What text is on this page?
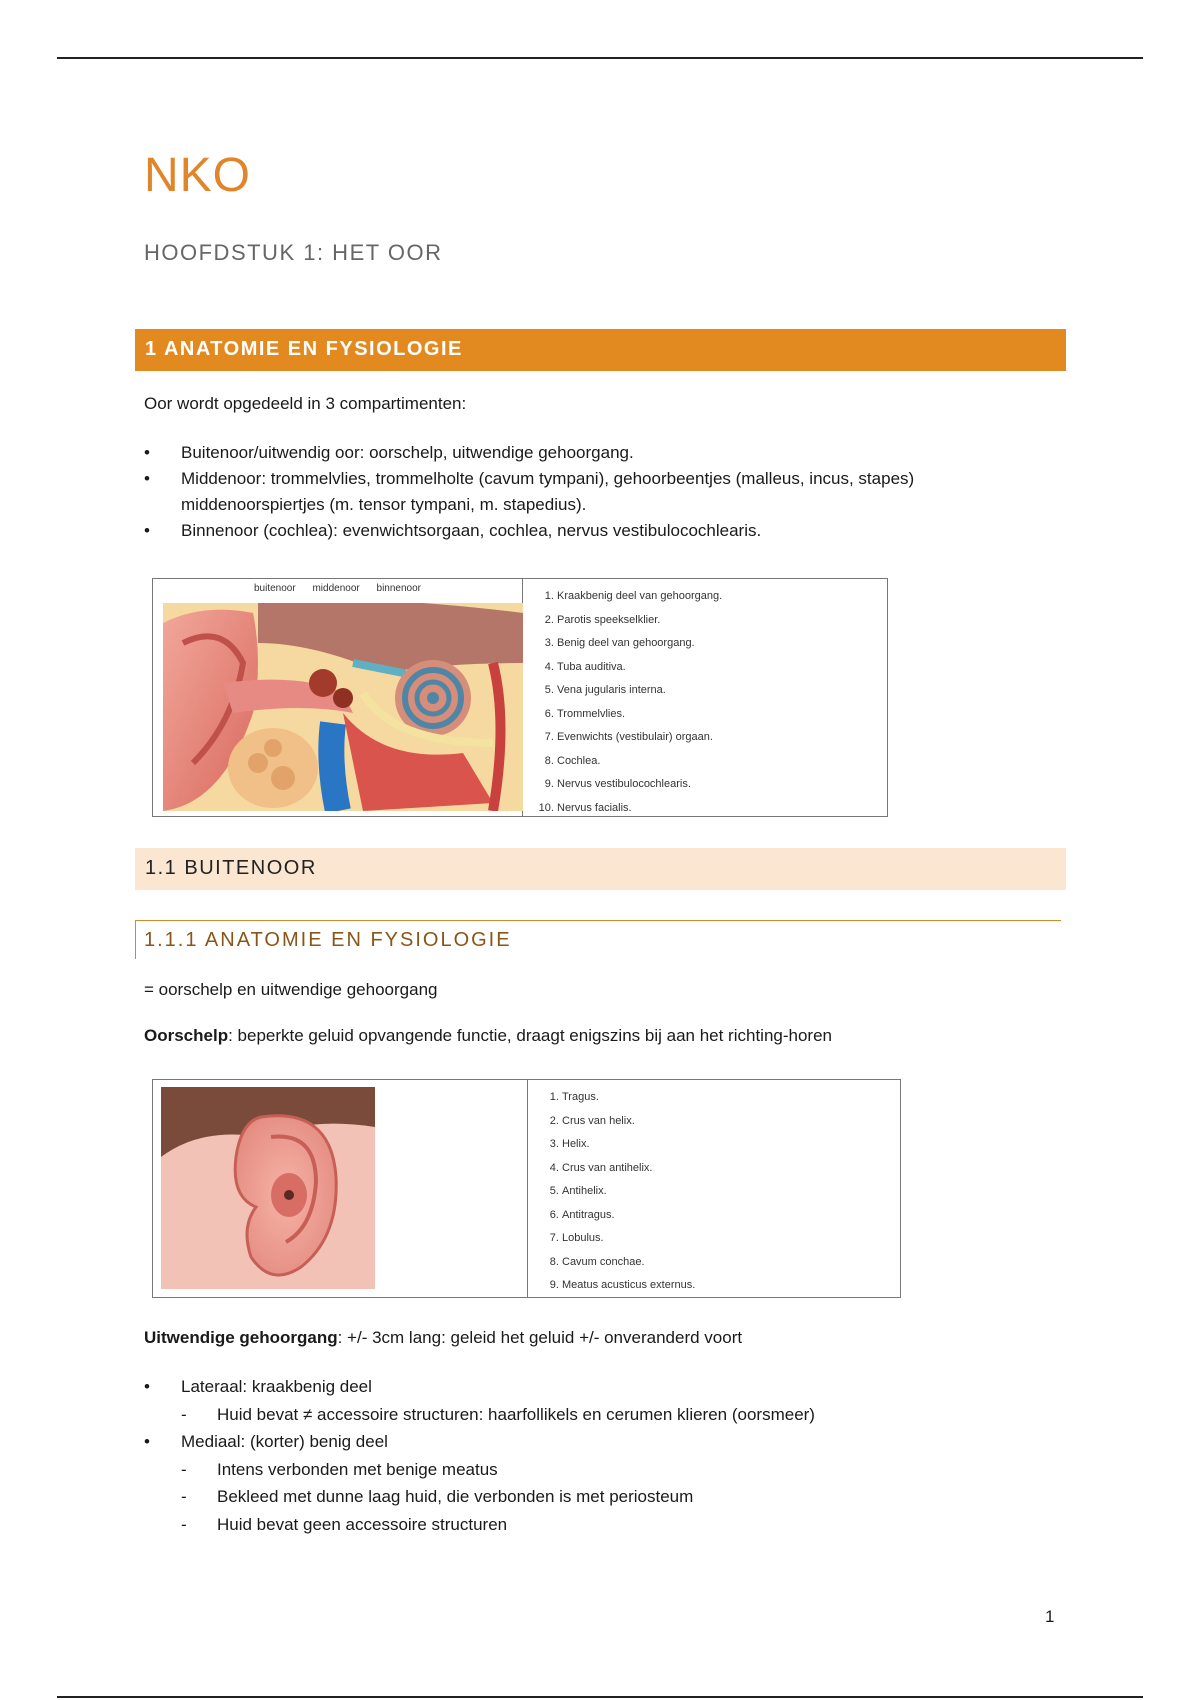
NKO
HOOFDSTUK 1: HET OOR
1 ANATOMIE EN FYSIOLOGIE
Oor wordt opgedeeld in 3 compartimenten:
• Buitenoor/uitwendig oor: oorschelp, uitwendige gehoorgang.
• Middenoor: trommelvlies, trommelholte (cavum tympani), gehoorbeentjes (malleus, incus, stapes) middenoorspiertjes (m. tensor tympani, m. stapedius).
• Binnenoor (cochlea): evenwichtsorgaan, cochlea, nervus vestibulocochlearis.
buitenoor middenoor binnenoor
1. Kraakbenig deel van gehoorgang.
2. Parotis speekselklier.
3. Benig deel van gehoorgang.
4. Tuba auditiva.
5. Vena jugularis interna.
6. Trommelvlies.
7. Evenwichts (vestibulair) orgaan.
8. Cochlea.
9. Nervus vestibulocochlearis.
10. Nervus facialis.
1.1 BUITENOOR
1.1.1 ANATOMIE EN FYSIOLOGIE
= oorschelp en uitwendige gehoorgang
Oorschelp: beperkte geluid opvangende functie, draagt enigszins bij aan het richting-horen
1. Tragus.
2. Crus van helix.
3. Helix.
4. Crus van antihelix.
5. Antihelix.
6. Antitragus.
7. Lobulus.
8. Cavum conchae.
9. Meatus acusticus externus.
Uitwendige gehoorgang: +/- 3cm lang: geleid het geluid +/- onveranderd voort
• Lateraal: kraakbenig deel
- Huid bevat ≠ accessoire structuren: haarfollikels en cerumen klieren (oorsmeer)
• Mediaal: (korter) benig deel
- Intens verbonden met benige meatus
- Bekleed met dunne laag huid, die verbonden is met periosteum
- Huid bevat geen accessoire structuren
1
